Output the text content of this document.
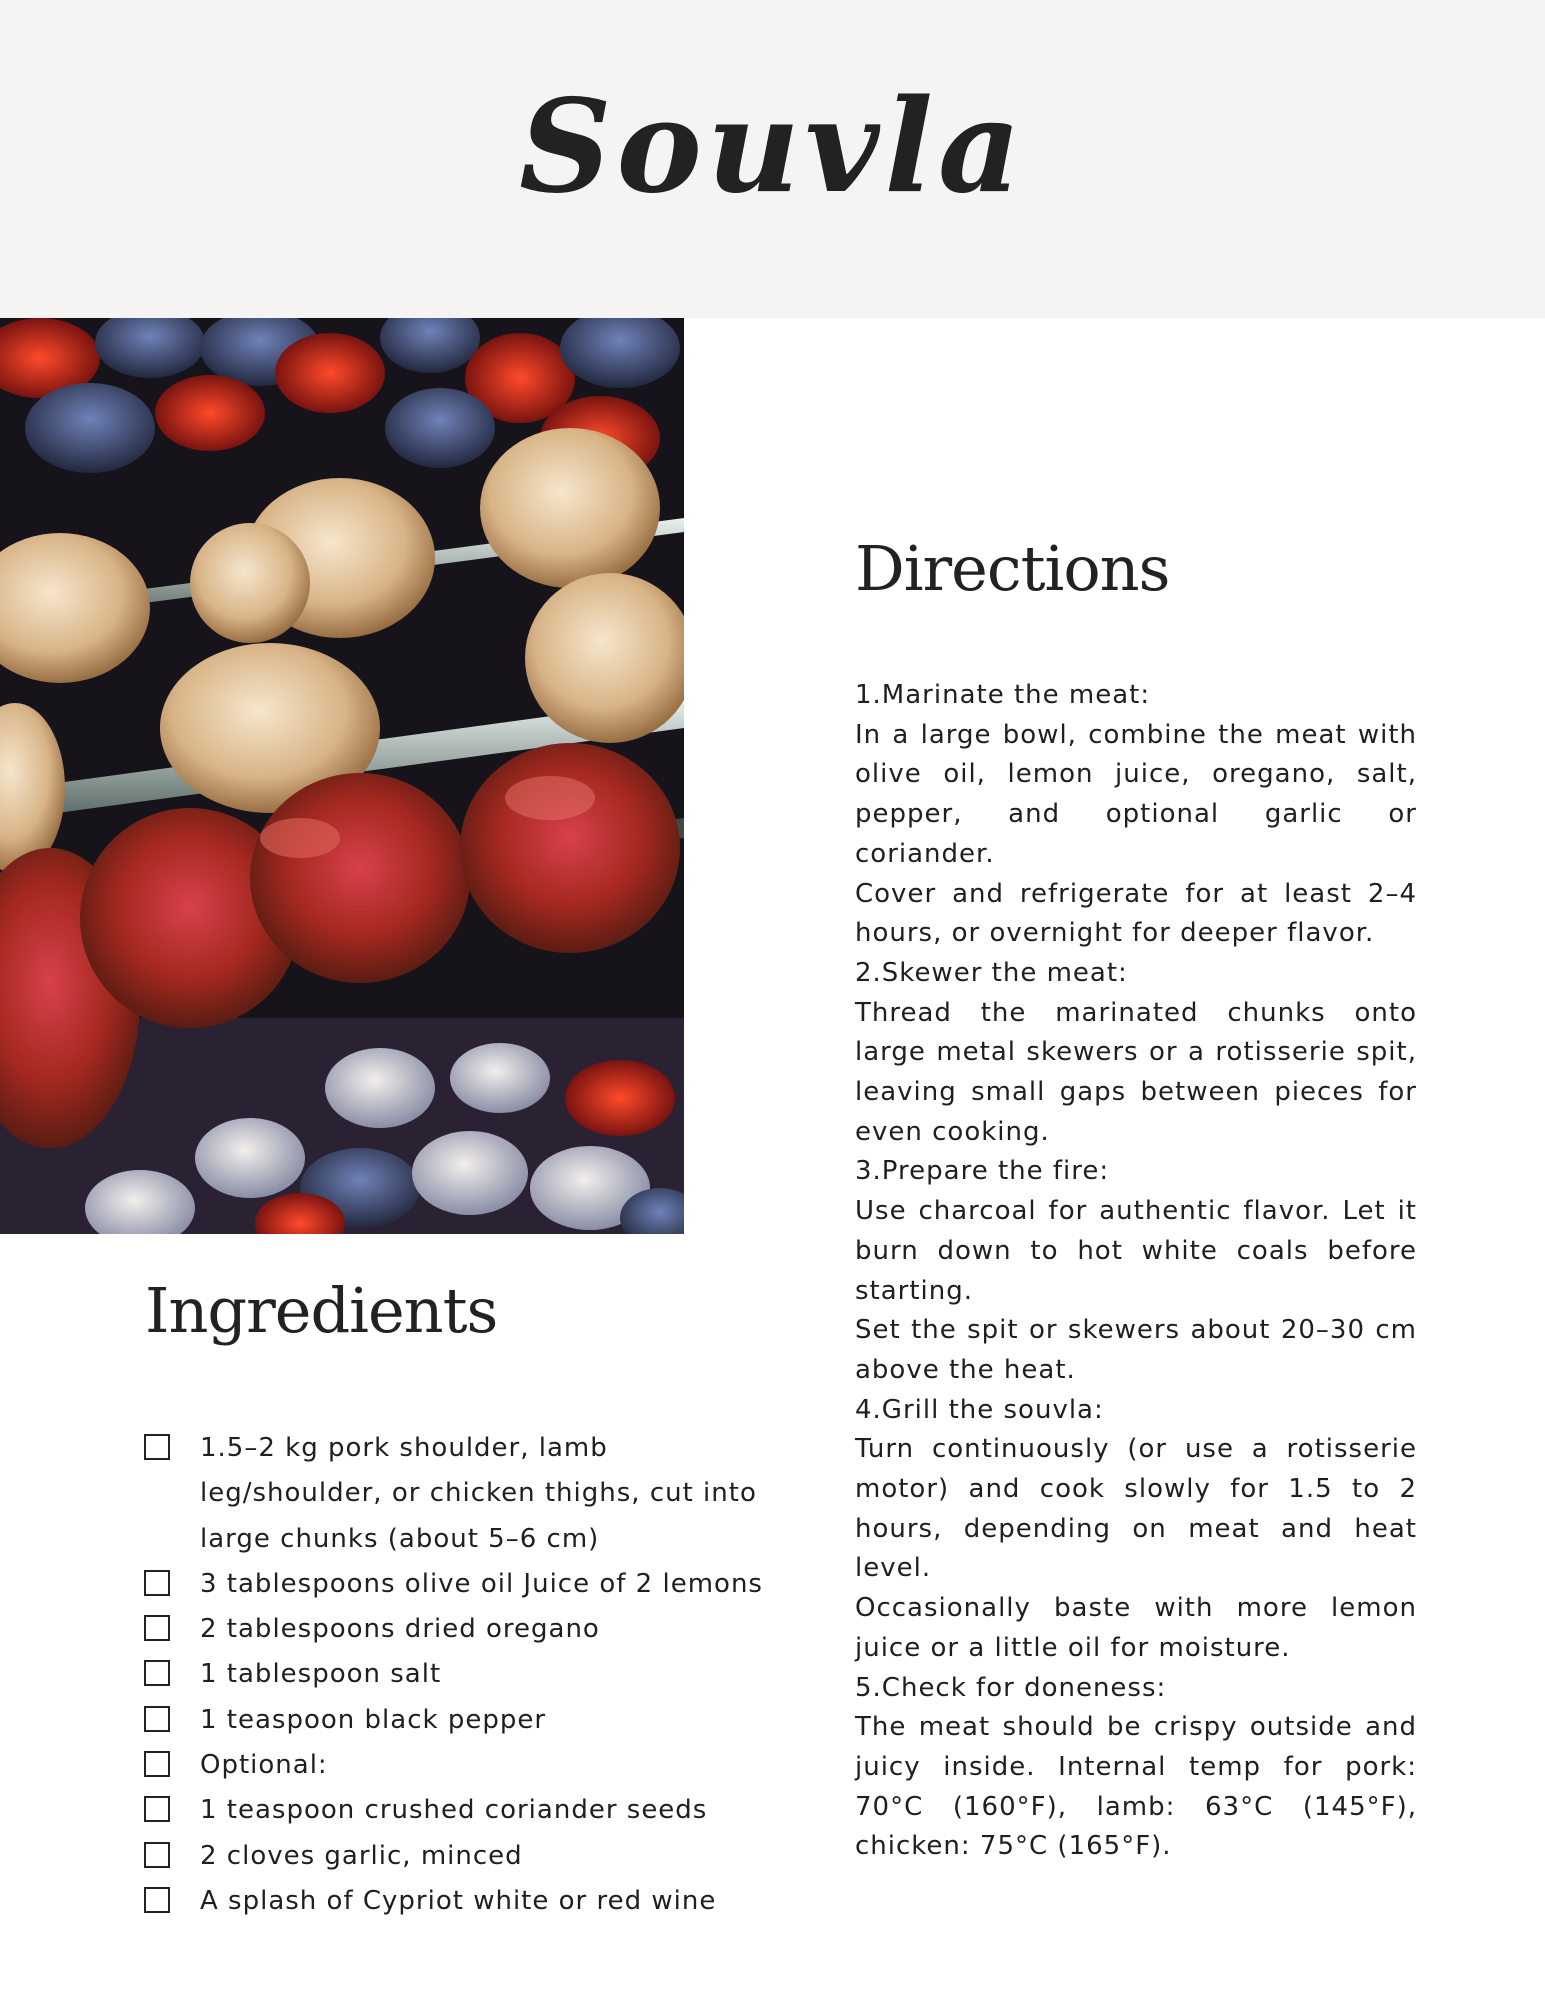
Souvla
Ingredients
1.5–2 kg pork shoulder, lamb leg/shoulder, or chicken thighs, cut into large chunks (about 5–6 cm)
3 tablespoons olive oil Juice of 2 lemons
2 tablespoons dried oregano
1 tablespoon salt
1 teaspoon black pepper
Optional:
1 teaspoon crushed coriander seeds
2 cloves garlic, minced
A splash of Cypriot white or red wine
Directions

1.Marinate the meat:

In a large bowl, combine the meat with olive oil, lemon juice, oregano, salt, pepper, and optional garlic or coriander.

Cover and refrigerate for at least 2–4 hours, or overnight for deeper flavor.

2.Skewer the meat:

Thread the marinated chunks onto large metal skewers or a rotisserie spit, leaving small gaps between pieces for even cooking.

3.Prepare the fire:

Use charcoal for authentic flavor. Let it burn down to hot white coals before starting.

Set the spit or skewers about 20–30 cm above the heat.

4.Grill the souvla:

Turn continuously (or use a rotisserie motor) and cook slowly for 1.5 to 2 hours, depending on meat and heat level.

Occasionally baste with more lemon juice or a little oil for moisture.

5.Check for doneness:

The meat should be crispy outside and juicy inside. Internal temp for pork: 70°C (160°F), lamb: 63°C (145°F), chicken: 75°C (165°F).
